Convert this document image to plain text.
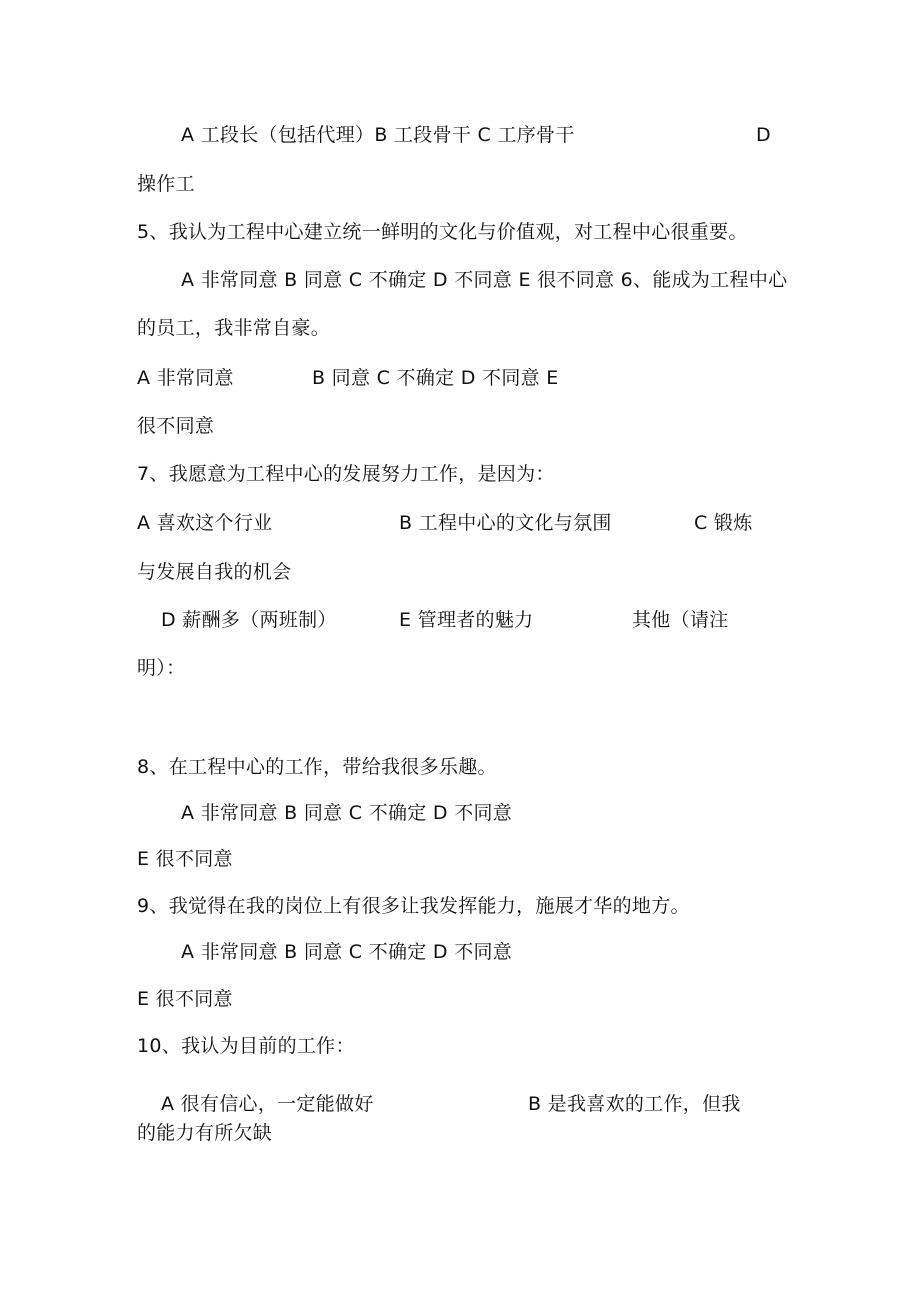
A 工段长（包括代理）B 工段骨干 C 工序骨干	D
操作工
5、我认为工程中心建立统一鲜明的文化与价值观，对工程中心很重要。
A 非常同意 B 同意 C 不确定 D 不同意 E 很不同意 6、能成为工程中心
的员工，我非常自豪。
A 非常同意	B 同意 C 不确定 D 不同意 E
很不同意
7、我愿意为工程中心的发展努力工作，是因为：
A 喜欢这个行业	B 工程中心的文化与氛围	C 锻炼
与发展自我的机会
D 薪酬多（两班制）	E 管理者的魅力	其他（请注
明）：
8、在工程中心的工作，带给我很多乐趣。
A 非常同意 B 同意 C 不确定 D 不同意
E 很不同意
9、我觉得在我的岗位上有很多让我发挥能力，施展才华的地方。
A 非常同意 B 同意 C 不确定 D 不同意
E 很不同意
10、我认为目前的工作：
A 很有信心，一定能做好	B 是我喜欢的工作，但我
的能力有所欠缺
